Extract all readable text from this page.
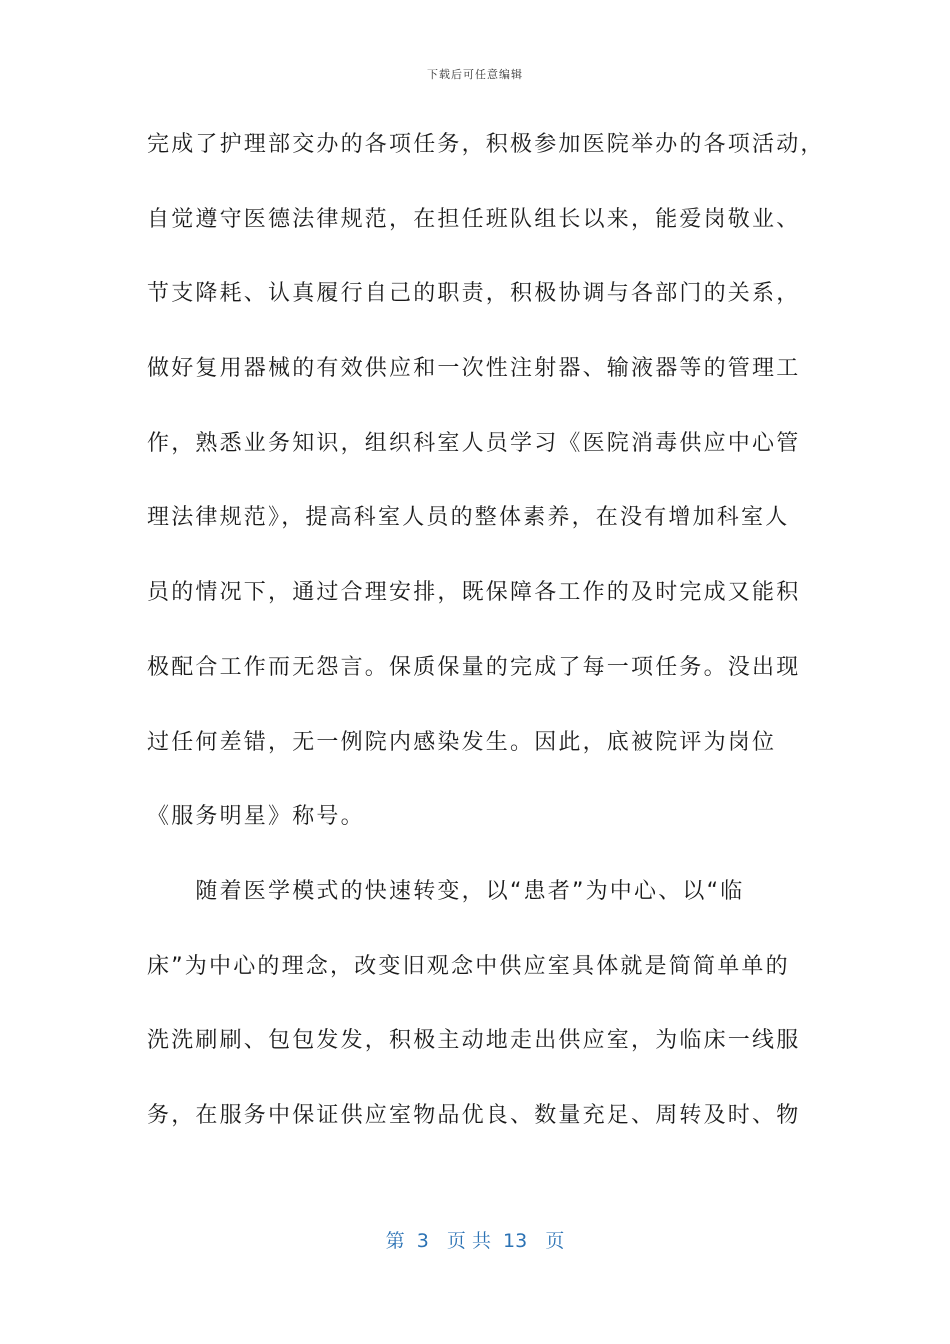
下载后可任意编辑
完成了护理部交办的各项任务，积极参加医院举办的各项活动，
自觉遵守医德法律规范，在担任班队组长以来，能爱岗敬业、
节支降耗、认真履行自己的职责，积极协调与各部门的关系，
做好复用器械的有效供应和一次性注射器、输液器等的管理工
作，熟悉业务知识，组织科室人员学习《医院消毒供应中心管
理法律规范》，提高科室人员的整体素养，在没有增加科室人
员的情况下，通过合理安排，既保障各工作的及时完成又能积
极配合工作而无怨言。保质保量的完成了每一项任务。没出现
过任何差错，无一例院内感染发生。因此，底被院评为岗位
《服务明星》称号。
　　随着医学模式的快速转变，以“患者”为中心、以“临
床”为中心的理念，改变旧观念中供应室具体就是简简单单的
洗洗刷刷、包包发发，积极主动地走出供应室，为临床一线服
务，在服务中保证供应室物品优良、数量充足、周转及时、物
第  3   页 共  13   页
